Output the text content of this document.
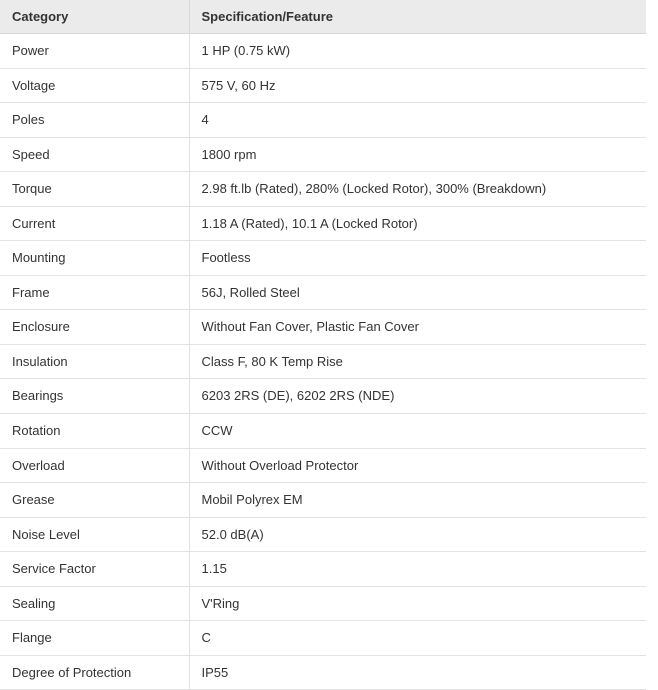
Category	Specification/Feature
Power	1 HP (0.75 kW)
Voltage	575 V, 60 Hz
Poles	4
Speed	1800 rpm
Torque	2.98 ft.lb (Rated), 280% (Locked Rotor), 300% (Breakdown)
Current	1.18 A (Rated), 10.1 A (Locked Rotor)
Mounting	Footless
Frame	56J, Rolled Steel
Enclosure	Without Fan Cover, Plastic Fan Cover
Insulation	Class F, 80 K Temp Rise
Bearings	6203 2RS (DE), 6202 2RS (NDE)
Rotation	CCW
Overload	Without Overload Protector
Grease	Mobil Polyrex EM
Noise Level	52.0 dB(A)
Service Factor	1.15
Sealing	V'Ring
Flange	C
Degree of Protection	IP55
